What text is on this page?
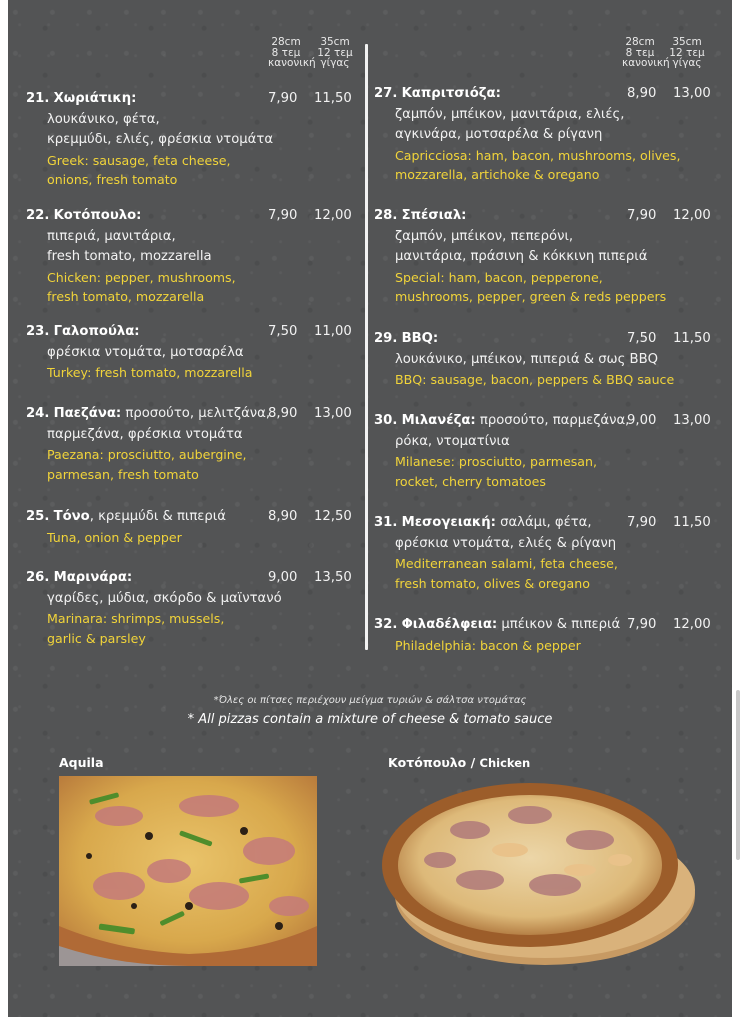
28cm
8 τεμ
κανονική
35cm
12 τεμ
γίγας
21. Χωριάτικη:
λουκάνικο, φέτα,
κρεμμύδι, ελιές, φρέσκια ντομάτα
Greek: sausage, feta cheese,
onions, fresh tomato
7,90 11,50
22. Κοτόπουλο:
πιπεριά, μανιτάρια,
fresh tomato, mozzarella
Chicken: pepper, mushrooms,
fresh tomato, mozzarella
7,90 12,00
23. Γαλοπούλα:
φρέσκια ντομάτα, μοτσαρέλα
Turkey: fresh tomato, mozzarella
7,50 11,00
24. Παεζάνα: προσούτο, μελιτζάνα,
παρμεζάνα, φρέσκια ντομάτα
Paezana: prosciutto, aubergine,
parmesan, fresh tomato
8,90 13,00
25. Τόνο, κρεμμύδι & πιπεριά
Tuna, onion & pepper
8,90 12,50
26. Μαρινάρα:
γαρίδες, μύδια, σκόρδο & μαϊντανό
Marinara: shrimps, mussels,
garlic & parsley
9,00 13,50
28cm
8 τεμ
κανονική
35cm
12 τεμ
γίγας
27. Καπριτσιόζα:
ζαμπόν, μπέικον, μανιτάρια, ελιές,
αγκινάρα, μοτσαρέλα & ρίγανη
Capricciosa: ham, bacon, mushrooms, olives,
mozzarella, artichoke & oregano
8,90 13,00
28. Σπέσιαλ:
ζαμπόν, μπέικον, πεπερόνι,
μανιτάρια, πράσινη & κόκκινη πιπεριά
Special: ham, bacon, pepperone,
mushrooms, pepper, green & reds peppers
7,90 12,00
29. BBQ:
λουκάνικο, μπέικον, πιπεριά & σως BBQ
BBQ: sausage, bacon, peppers & BBQ sauce
7,50 11,50
30. Μιλανέζα: προσούτο, παρμεζάνα,
ρόκα, ντοματίνια
Milanese: prosciutto, parmesan,
rocket, cherry tomatoes
9,00 13,00
31. Μεσογειακή: σαλάμι, φέτα,
φρέσκια ντομάτα, ελιές & ρίγανη
Mediterranean salami, feta cheese,
fresh tomato, olives & oregano
7,90 11,50
32. Φιλαδέλφεια: μπέικον & πιπεριά
Philadelphia: bacon & pepper
7,90 12,00
*Όλες οι πίτσες περιέχουν μείγμα τυριών & σάλτσα ντομάτας
* All pizzas contain a mixture of cheese & tomato sauce
Aquila	Κοτόπουλο / Chicken
